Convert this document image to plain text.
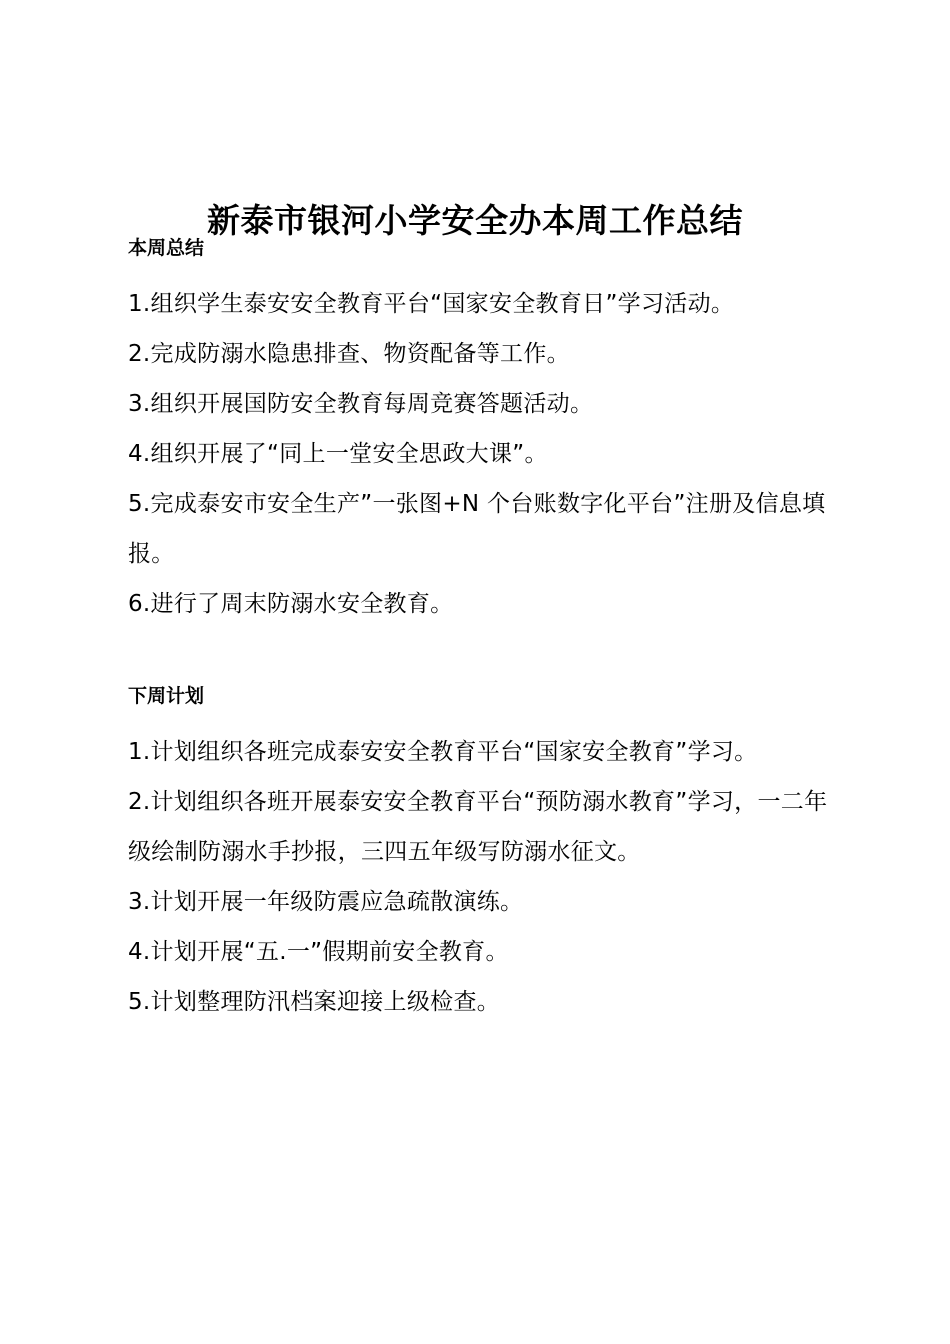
新泰市银河小学安全办本周工作总结
本周总结
1.组织学生泰安安全教育平台“国家安全教育日”学习活动。
2.完成防溺水隐患排查、物资配备等工作。
3.组织开展国防安全教育每周竞赛答题活动。
4.组织开展了“同上一堂安全思政大课”。
5.完成泰安市安全生产”一张图+N 个台账数字化平台”注册及信息填报。
6.进行了周末防溺水安全教育。
下周计划
1.计划组织各班完成泰安安全教育平台“国家安全教育”学习。
2.计划组织各班开展泰安安全教育平台“预防溺水教育”学习，一二年级绘制防溺水手抄报，三四五年级写防溺水征文。
3.计划开展一年级防震应急疏散演练。
4.计划开展“五.一”假期前安全教育。
5.计划整理防汛档案迎接上级检查。
